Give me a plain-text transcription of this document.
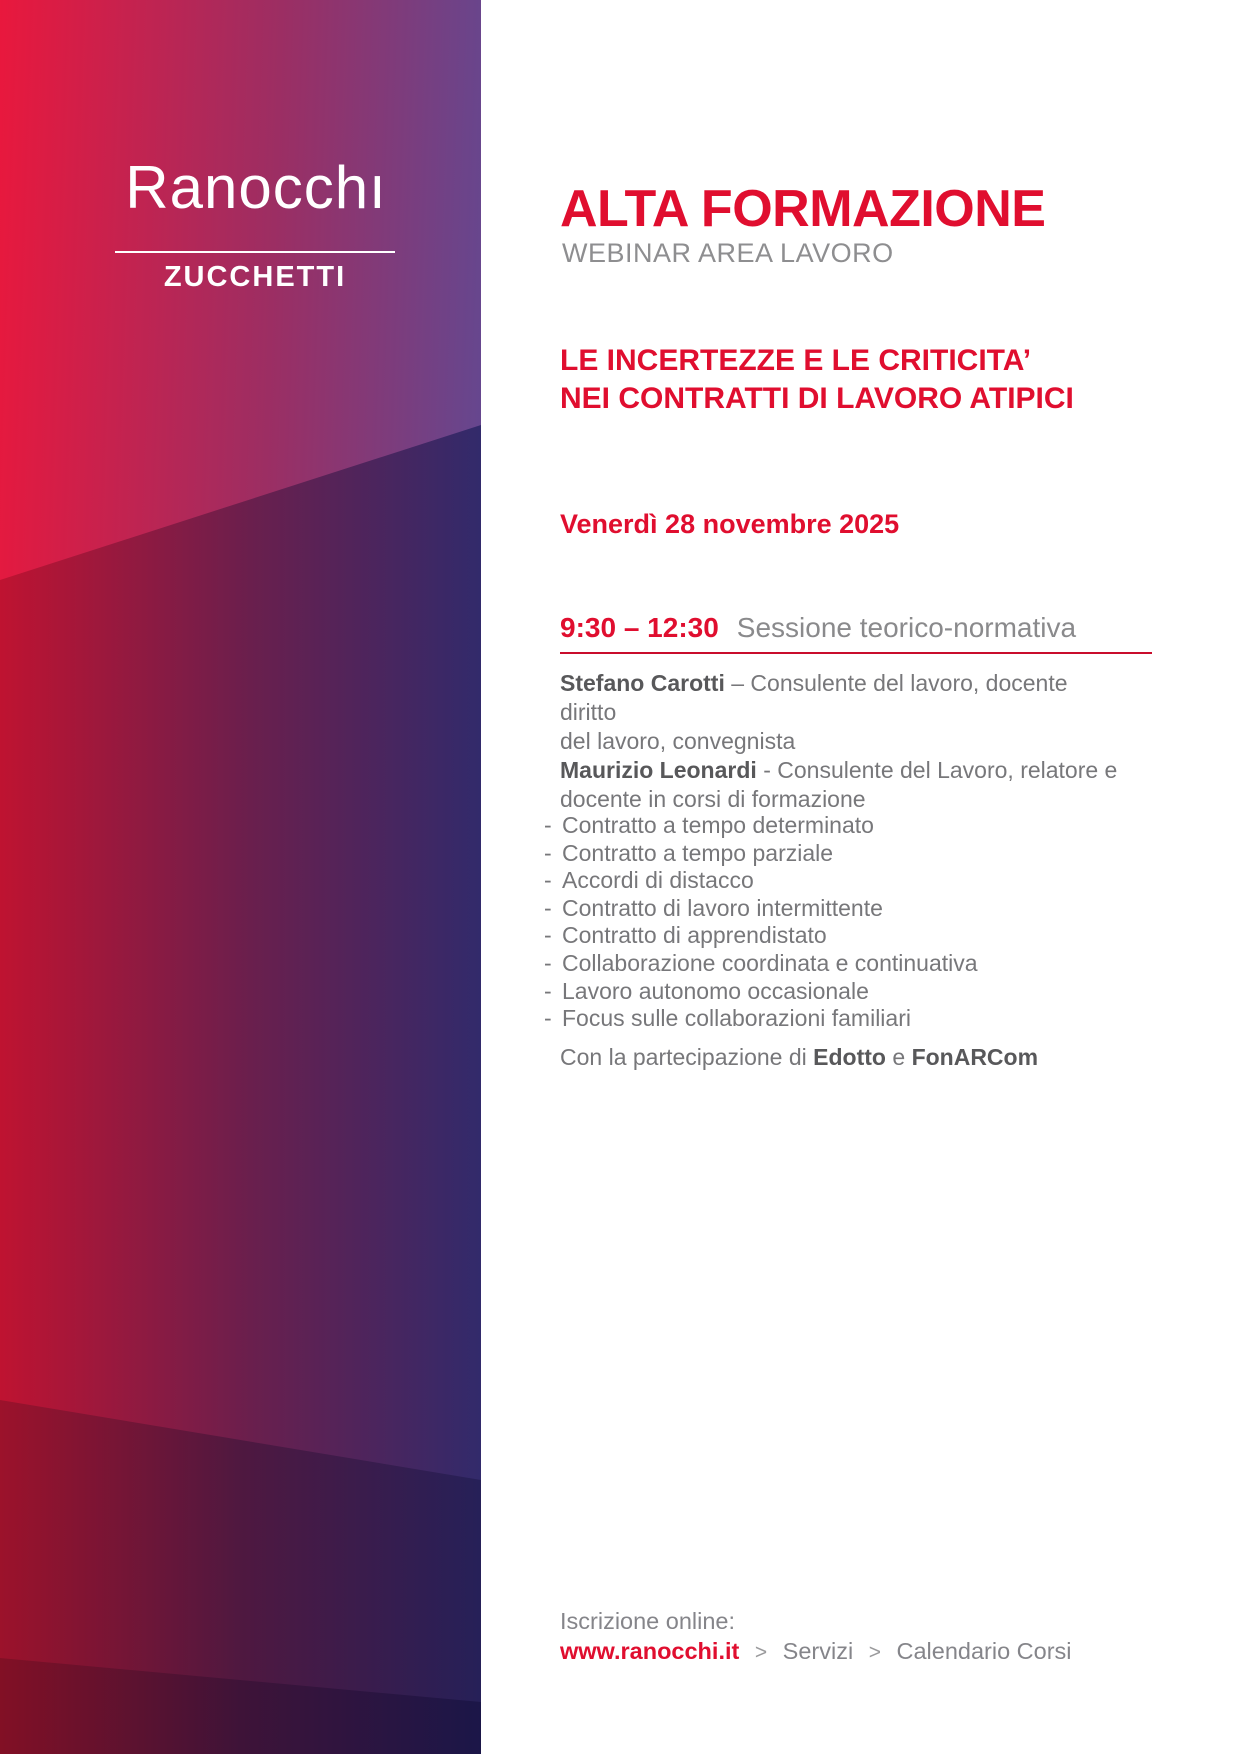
Ranocchı
ZUCCHETTI
ALTA FORMAZIONE
WEBINAR AREA LAVORO
LE INCERTEZZE E LE CRITICITA’
NEI CONTRATTI DI LAVORO ATIPICI
Venerdì 28 novembre 2025
9:30 – 12:30 Sessione teorico-normativa
Stefano Carotti – Consulente del lavoro, docente diritto
del lavoro, convegnista
Maurizio Leonardi - Consulente del Lavoro, relatore e
docente in corsi di formazione
- Contratto a tempo determinato
- Contratto a tempo parziale
- Accordi di distacco
- Contratto di lavoro intermittente
- Contratto di apprendistato
- Collaborazione coordinata e continuativa
- Lavoro autonomo occasionale
- Focus sulle collaborazioni familiari
Con la partecipazione di Edotto e FonARCom
Iscrizione online:
www.ranocchi.it > Servizi > Calendario Corsi
